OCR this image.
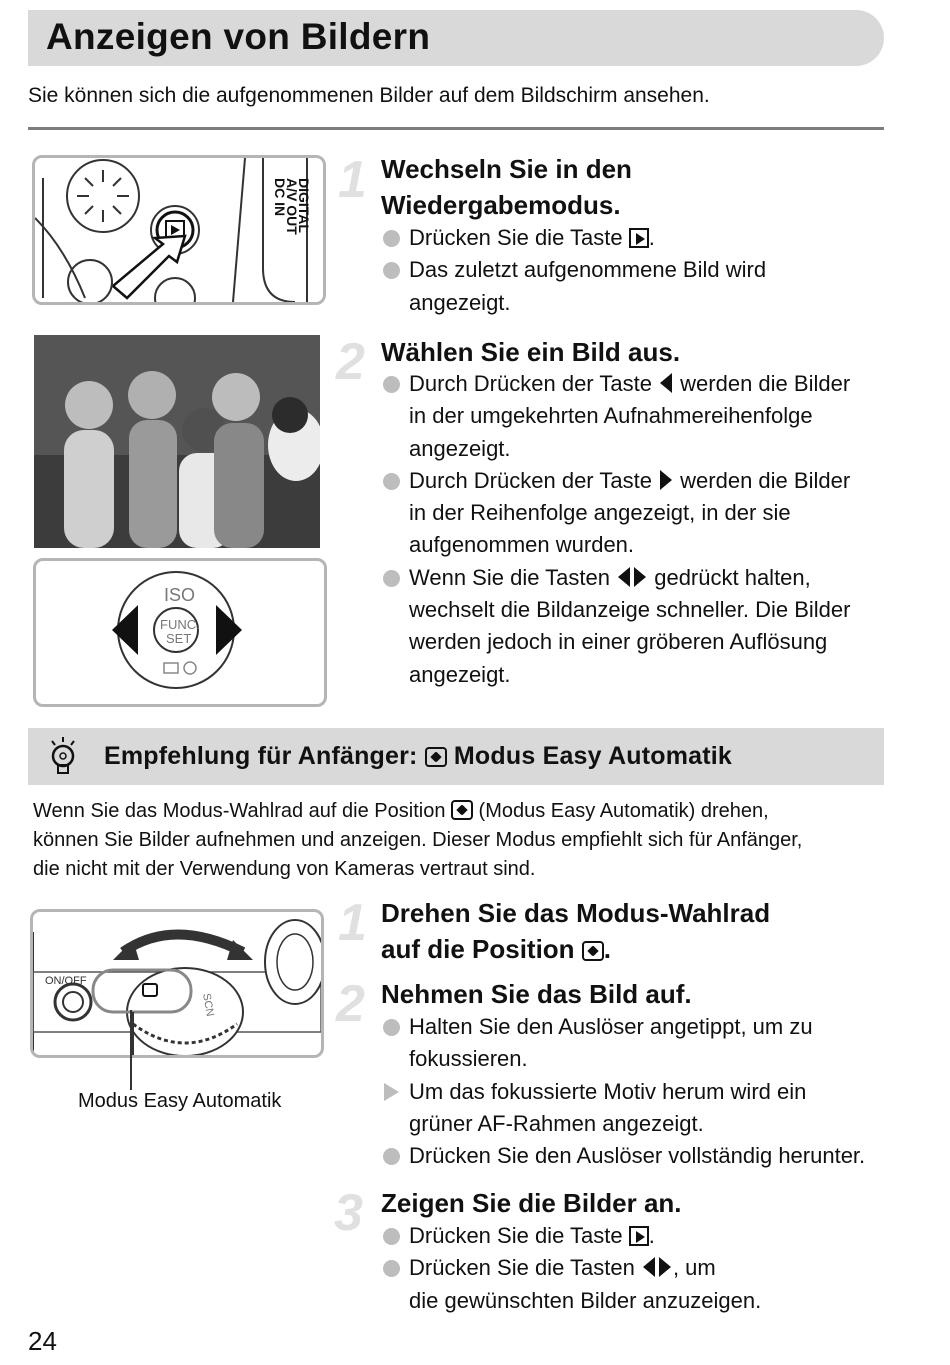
Anzeigen von Bildern
Sie können sich die aufgenommenen Bilder auf dem Bildschirm ansehen.
DC IN
A/V OUT
DIGITAL
ISO
FUNC.
SET
1 Wechseln Sie in den
Wiedergabemodus.
Drücken Sie die Taste .
Das zuletzt aufgenommene Bild wird
angezeigt.
2 Wählen Sie ein Bild aus.
Durch Drücken der Taste  werden die Bilder
in der umgekehrten Aufnahmereihenfolge
angezeigt.
Durch Drücken der Taste  werden die Bilder
in der Reihenfolge angezeigt, in der sie
aufgenommen wurden.
Wenn Sie die Tasten  gedrückt halten,
wechselt die Bildanzeige schneller. Die Bilder
werden jedoch in einer gröberen Auflösung
angezeigt.
Empfehlung für Anfänger:  Modus Easy Automatik
Wenn Sie das Modus-Wahlrad auf die Position  (Modus Easy Automatik) drehen,
können Sie Bilder aufnehmen und anzeigen. Dieser Modus empfiehlt sich für Anfänger,
die nicht mit der Verwendung von Kameras vertraut sind.
ON/OFF
SCN
Modus Easy Automatik
1 Drehen Sie das Modus-Wahlrad
auf die Position .
2 Nehmen Sie das Bild auf.
Halten Sie den Auslöser angetippt, um zu
fokussieren.
Um das fokussierte Motiv herum wird ein
grüner AF-Rahmen angezeigt.
Drücken Sie den Auslöser vollständig herunter.
3 Zeigen Sie die Bilder an.
Drücken Sie die Taste .
Drücken Sie die Tasten , um
die gewünschten Bilder anzuzeigen.
24
